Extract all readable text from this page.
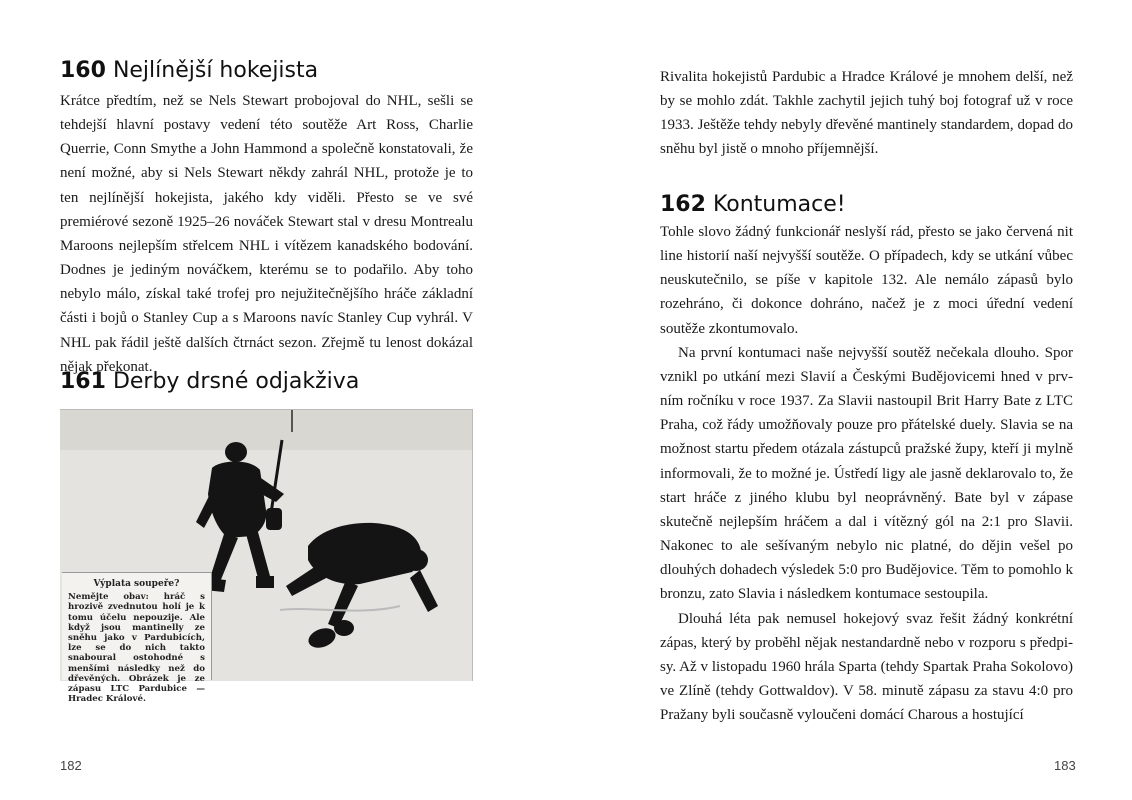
160 Nejlínější hokejista

Krátce předtím, než se Nels Stewart probojoval do NHL, sešli se tehdejší hlavní postavy vedení této soutěže Art Ross, Charlie Querrie, Conn Smythe a John Hammond a společně konstatovali, že není možné, aby si Nels Stewart někdy zahrál NHL, protože je to ten nejlínější hokejista, jakého kdy viděli. Přesto se ve své premiérové sezoně 1925–26 nováček Stewart stal v dresu Montrealu Maroons nejlepším střelcem NHL i vítězem kanadského bodování. Dodnes je jediným nováčkem, kterému se to podařilo. Aby toho nebylo málo, získal také trofej pro nejužitečnějšího hráče základní části i bojů o Stanley Cup a s Maroons navíc Stanley Cup vyhrál. V NHL pak řádil ještě dalších čtrnáct sezon. Zřejmě tu lenost dokázal nějak překonat.

161 Derby drsné odjakživa
Výplata soupeře?
Nemějte obav: hráč s hrozivě zvednutou holí je k tomu účelu nepouzije. Ale když jsou mantinelly ze sněhu jako v Pardubicích, lze se do nich takto snaboural ostohodné s menšími následky než do dřevěných. Obrázek je ze zápasu LTC Pardubice —Hradec Králové.
182

Rivalita hokejistů Pardubic a Hradce Králové je mnohem delší, než by se mohlo zdát. Takhle zachytil jejich tuhý boj fotograf už v roce 1933. Ještěže tehdy nebyly dřevěné mantinely standardem, dopad do sněhu byl jistě o mnoho příjemnější.

162 Kontumace!

Tohle slovo žádný funkcionář neslyší rád, přesto se jako červená nit line historií naší nejvyšší soutěže. O případech, kdy se utkání vůbec neuskutečnilo, se píše v kapitole 132. Ale nemálo zápasů bylo rozehráno, či dokonce dohráno, načež je z moci úřední vedení soutěže zkontumovalo.

Na první kontumaci naše nejvyšší soutěž nečekala dlouho. Spor vznikl po utkání mezi Slavií a Českými Budějovicemi hned v prvním ročníku v roce 1937. Za Slavii nastoupil Brit Harry Bate z LTC Praha, což řády umožňovaly pouze pro přátelské duely. Slavia se na možnost startu předem otázala zástupců pražské župy, kteří ji mylně informovali, že to možné je. Ústředí ligy ale jasně deklarovalo to, že start hráče z jiného klubu byl neoprávněný. Bate byl v zápase skutečně nejlepším hráčem a dal i vítězný gól na 2:1 pro Slavii. Nakonec to ale sešívaným nebylo nic platné, do dějin vešel po dlouhých dohadech výsledek 5:0 pro Budějovice. Těm to pomohlo k bronzu, zato Slavia i následkem kontumace sestoupila.

Dlouhá léta pak nemusel hokejový svaz řešit žádný konkrétní zápas, který by proběhl nějak nestandardně nebo v rozporu s předpisy. Až v listopadu 1960 hrála Sparta (tehdy Spartak Praha Sokolovo) ve Zlíně (tehdy Gottwaldov). V 58. minutě zápasu za stavu 4:0 pro Pražany byli současně vyloučeni domácí Charous a hostující

183
